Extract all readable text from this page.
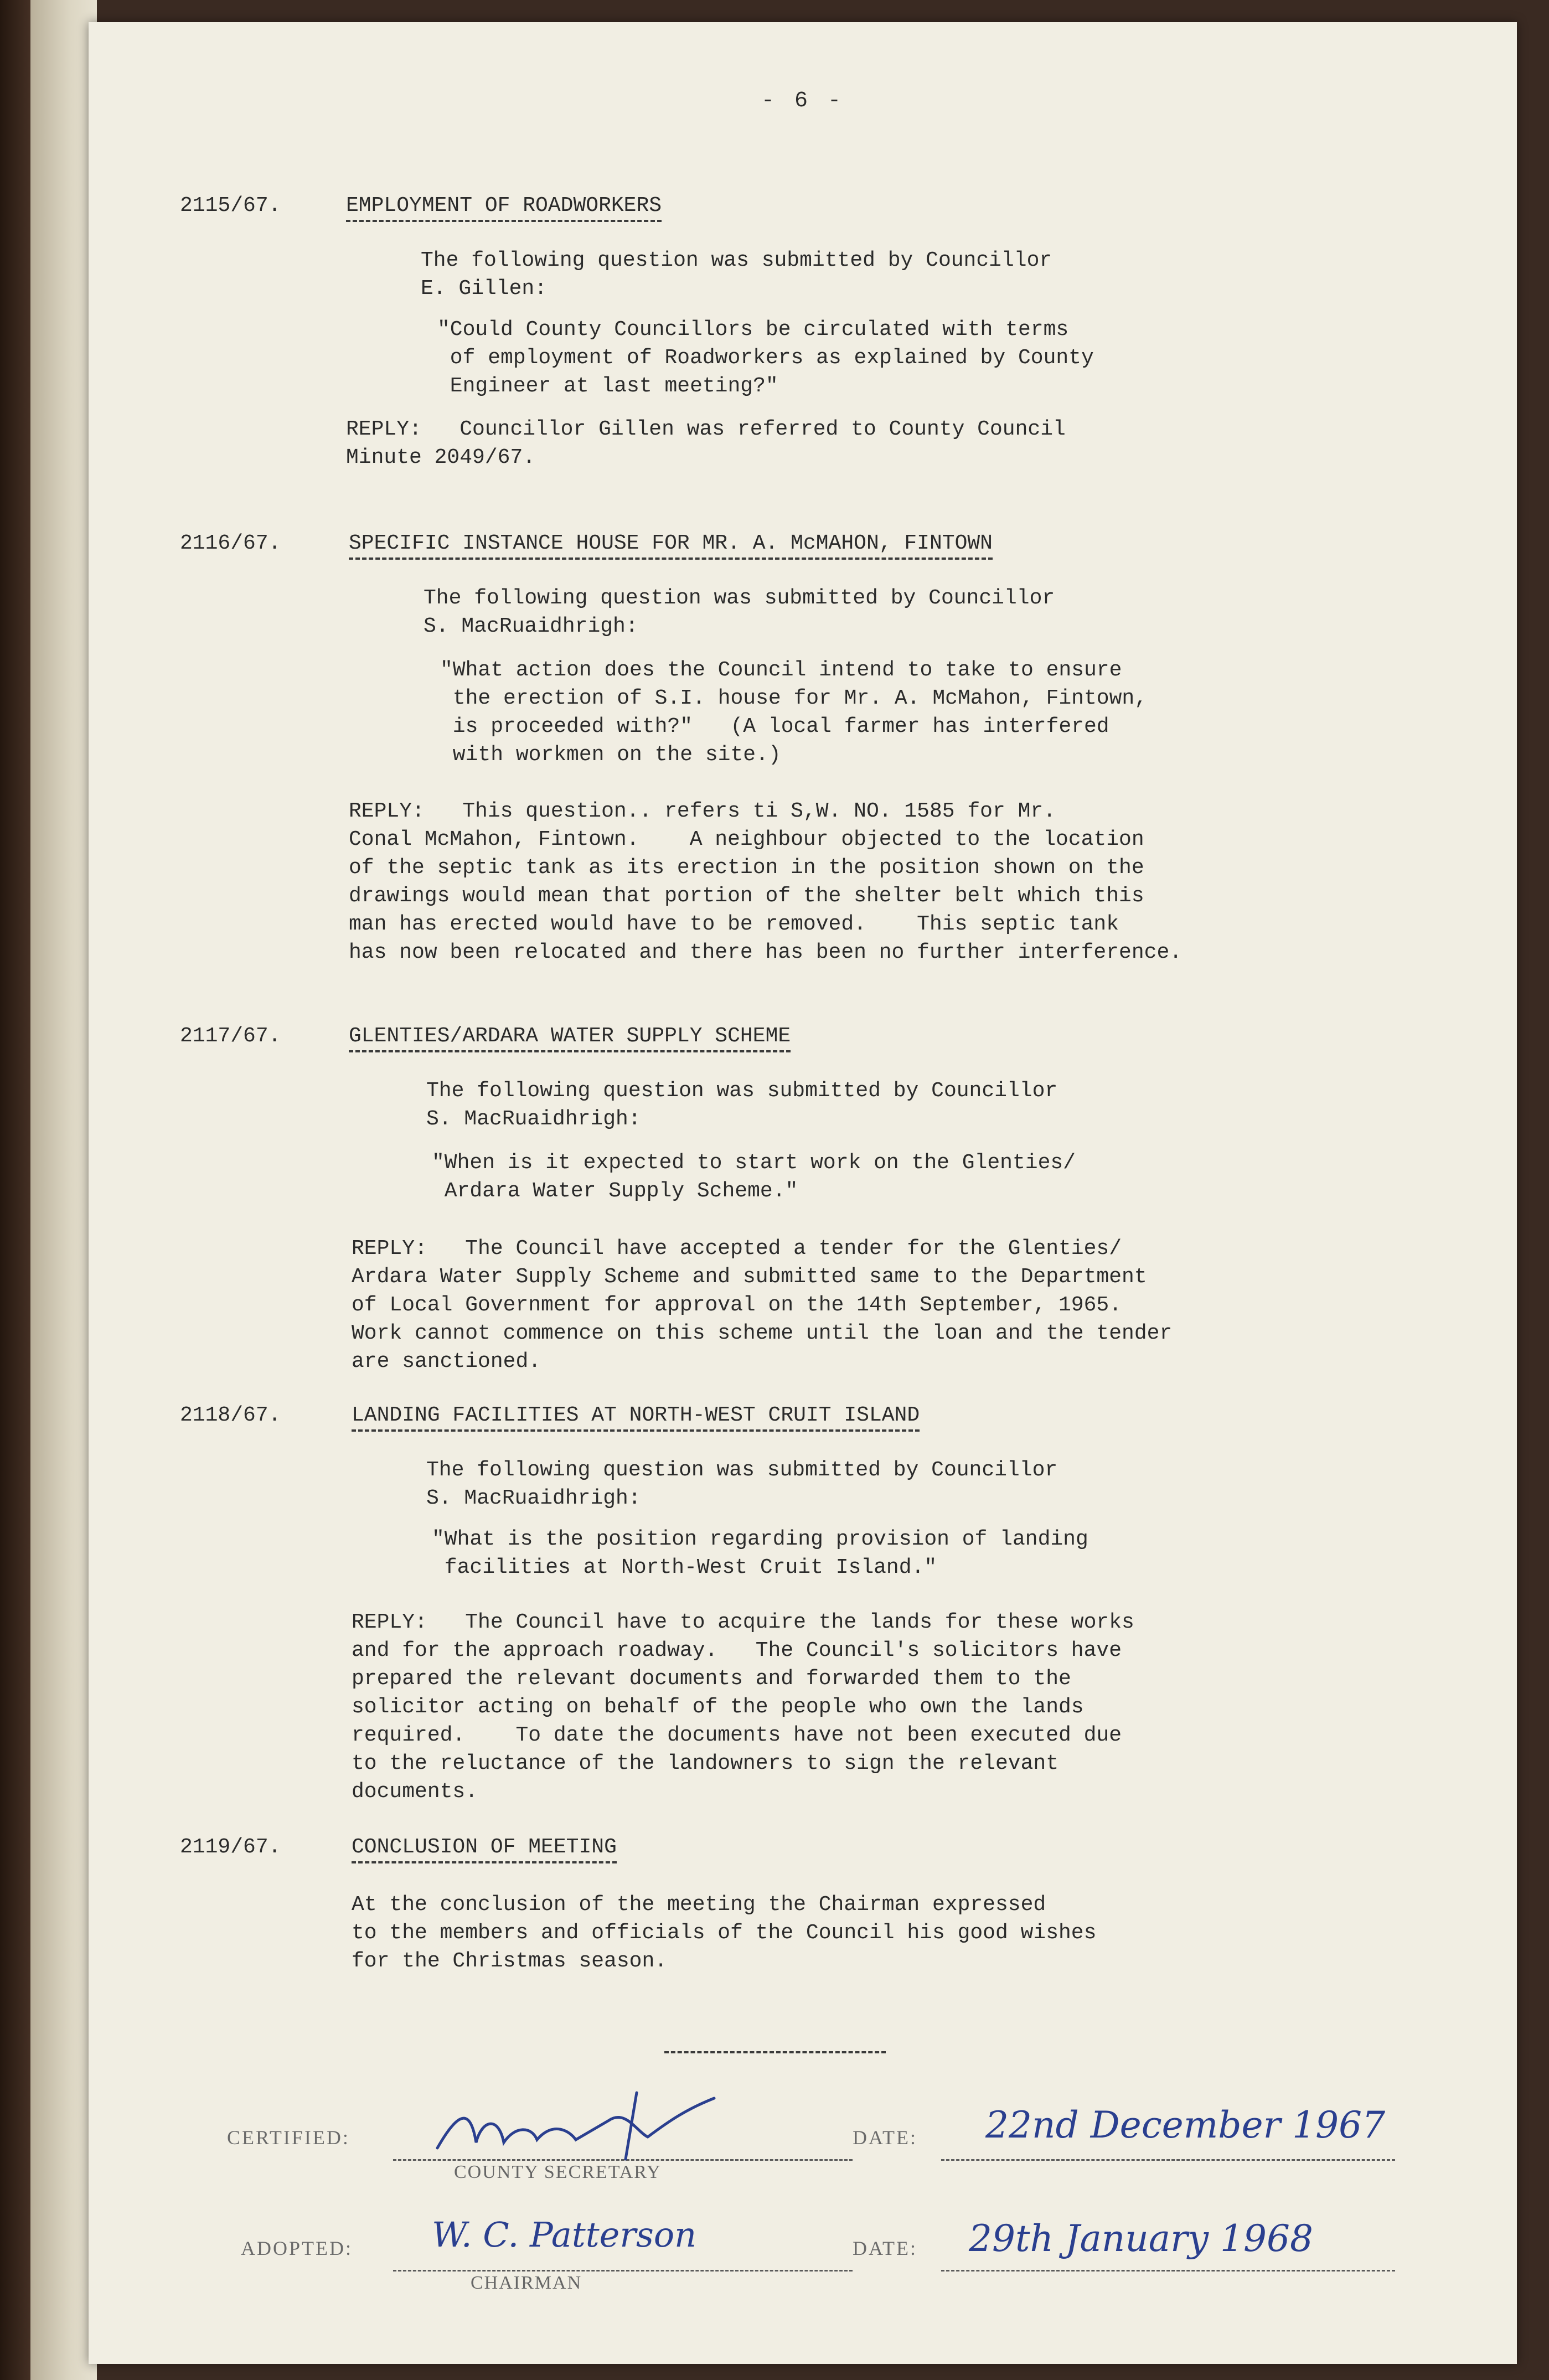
- 6 -
2115/67.	EMPLOYMENT OF ROADWORKERS
The following question was submitted by Councillor
E. Gillen:
"Could County Councillors be circulated with terms
of employment of Roadworkers as explained by County
Engineer at last meeting?"
REPLY:   Councillor Gillen was referred to County Council
Minute 2049/67.
2116/67.	SPECIFIC INSTANCE HOUSE FOR MR. A. McMAHON, FINTOWN
The following question was submitted by Councillor
S. MacRuaidhrigh:
"What action does the Council intend to take to ensure
the erection of S.I. house for Mr. A. McMahon, Fintown,
is proceeded with?"   (A local farmer has interfered
with workmen on the site.)
REPLY:   This question.. refers ti S,W. NO. 1585 for Mr.
Conal McMahon, Fintown.    A neighbour objected to the location
of the septic tank as its erection in the position shown on the
drawings would mean that portion of the shelter belt which this
man has erected would have to be removed.    This septic tank
has now been relocated and there has been no further interference.
2117/67.	GLENTIES/ARDARA WATER SUPPLY SCHEME
The following question was submitted by Councillor
S. MacRuaidhrigh:
"When is it expected to start work on the Glenties/
Ardara Water Supply Scheme."
REPLY:   The Council have accepted a tender for the Glenties/
Ardara Water Supply Scheme and submitted same to the Department
of Local Government for approval on the 14th September, 1965.
Work cannot commence on this scheme until the loan and the tender
are sanctioned.
2118/67.	LANDING FACILITIES AT NORTH-WEST CRUIT ISLAND
The following question was submitted by Councillor
S. MacRuaidhrigh:
"What is the position regarding provision of landing
facilities at North-West Cruit Island."
REPLY:   The Council have to acquire the lands for these works
and for the approach roadway.   The Council's solicitors have
prepared the relevant documents and forwarded them to the
solicitor acting on behalf of the people who own the lands
required.    To date the documents have not been executed due
to the reluctance of the landowners to sign the relevant
documents.
2119/67.	CONCLUSION OF MEETING
At the conclusion of the meeting the Chairman expressed
to the members and officials of the Council his good wishes
for the Christmas season.
CERTIFIED:
COUNTY SECRETARY
DATE: 22nd December 1967
ADOPTED: W. C. Patterson
CHAIRMAN
DATE: 29th January 1968
